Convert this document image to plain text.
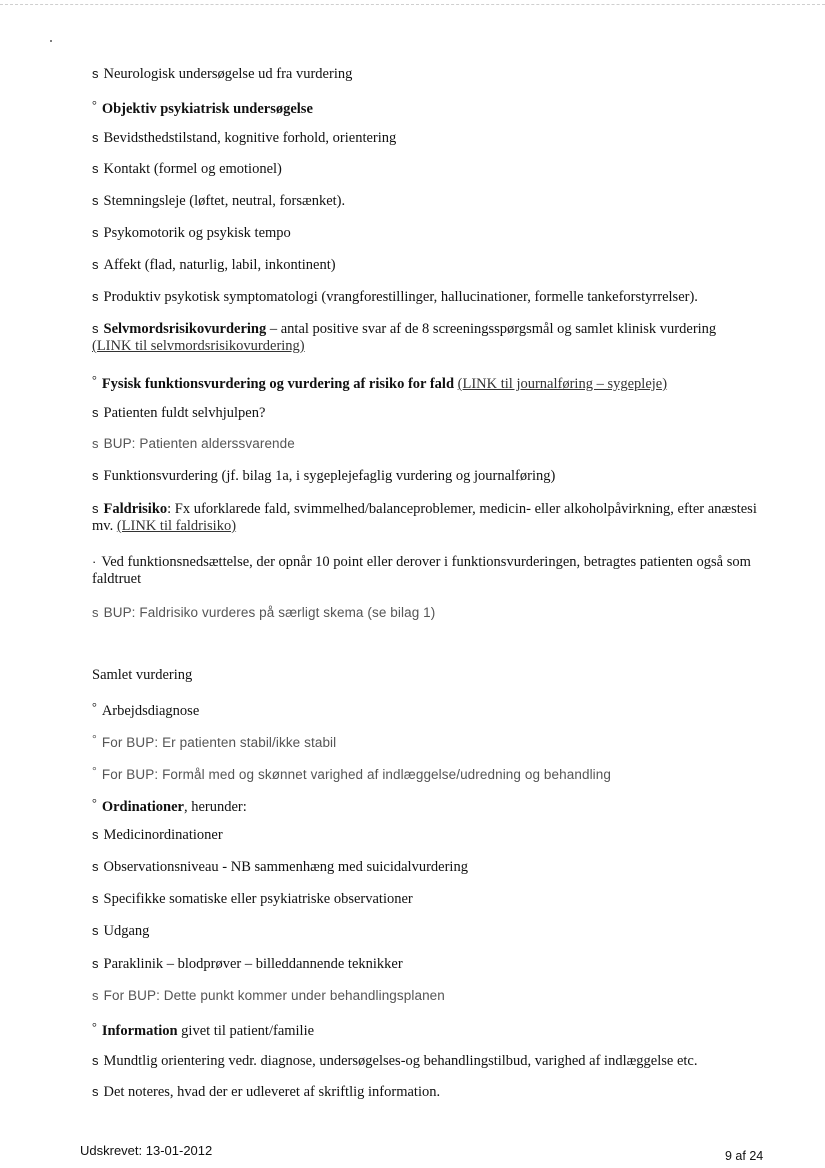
s Neurologisk undersøgelse ud fra vurdering
° Objektiv psykiatrisk undersøgelse
s Bevidsthedstilstand, kognitive forhold, orientering
s Kontakt (formel og emotionel)
s Stemningsleje (løftet, neutral, forsænket).
s Psykomotorik og psykisk tempo
s Affekt (flad, naturlig, labil, inkontinent)
s Produktiv psykotisk symptomatologi (vrangforestillinger, hallucinationer, formelle tankeforstyrrelser).
s Selvmordsrisikovurdering – antal positive svar af de 8 screeningsspørgsmål og samlet klinisk vurdering
(LINK til selvmordsrisikovurdering)
° Fysisk funktionsvurdering og vurdering af risiko for fald (LINK til journalføring – sygepleje)
s Patienten fuldt selvhjulpen?
s BUP: Patienten alderssvarende
s Funktionsvurdering (jf. bilag 1a, i sygeplejefaglig vurdering og journalføring)
s Faldrisiko: Fx uforklarede fald, svimmelhed/balanceproblemer, medicin- eller alkoholpåvirkning, efter anæstesi mv. (LINK til faldrisiko)
· Ved funktionsnedsættelse, der opnår 10 point eller derover i funktionsvurderingen, betragtes patienten også som faldtruet
s BUP: Faldrisiko vurderes på særligt skema (se bilag 1)
Samlet vurdering
° Arbejdsdiagnose
° For BUP: Er patienten stabil/ikke stabil
° For BUP: Formål med og skønnet varighed af indlæggelse/udredning og behandling
° Ordinationer, herunder:
s Medicinordinationer
s Observationsniveau - NB sammenhæng med suicidalvurdering
s Specifikke somatiske eller psykiatriske observationer
s Udgang
s Paraklinik – blodprøver – billeddannende teknikker
s For BUP: Dette punkt kommer under behandlingsplanen
° Information givet til patient/familie
s Mundtlig orientering vedr. diagnose, undersøgelses-og behandlingstilbud, varighed af indlæggelse etc.
s Det noteres, hvad der er udleveret af skriftlig information.
Udskrevet: 13-01-2012	9 af 24
